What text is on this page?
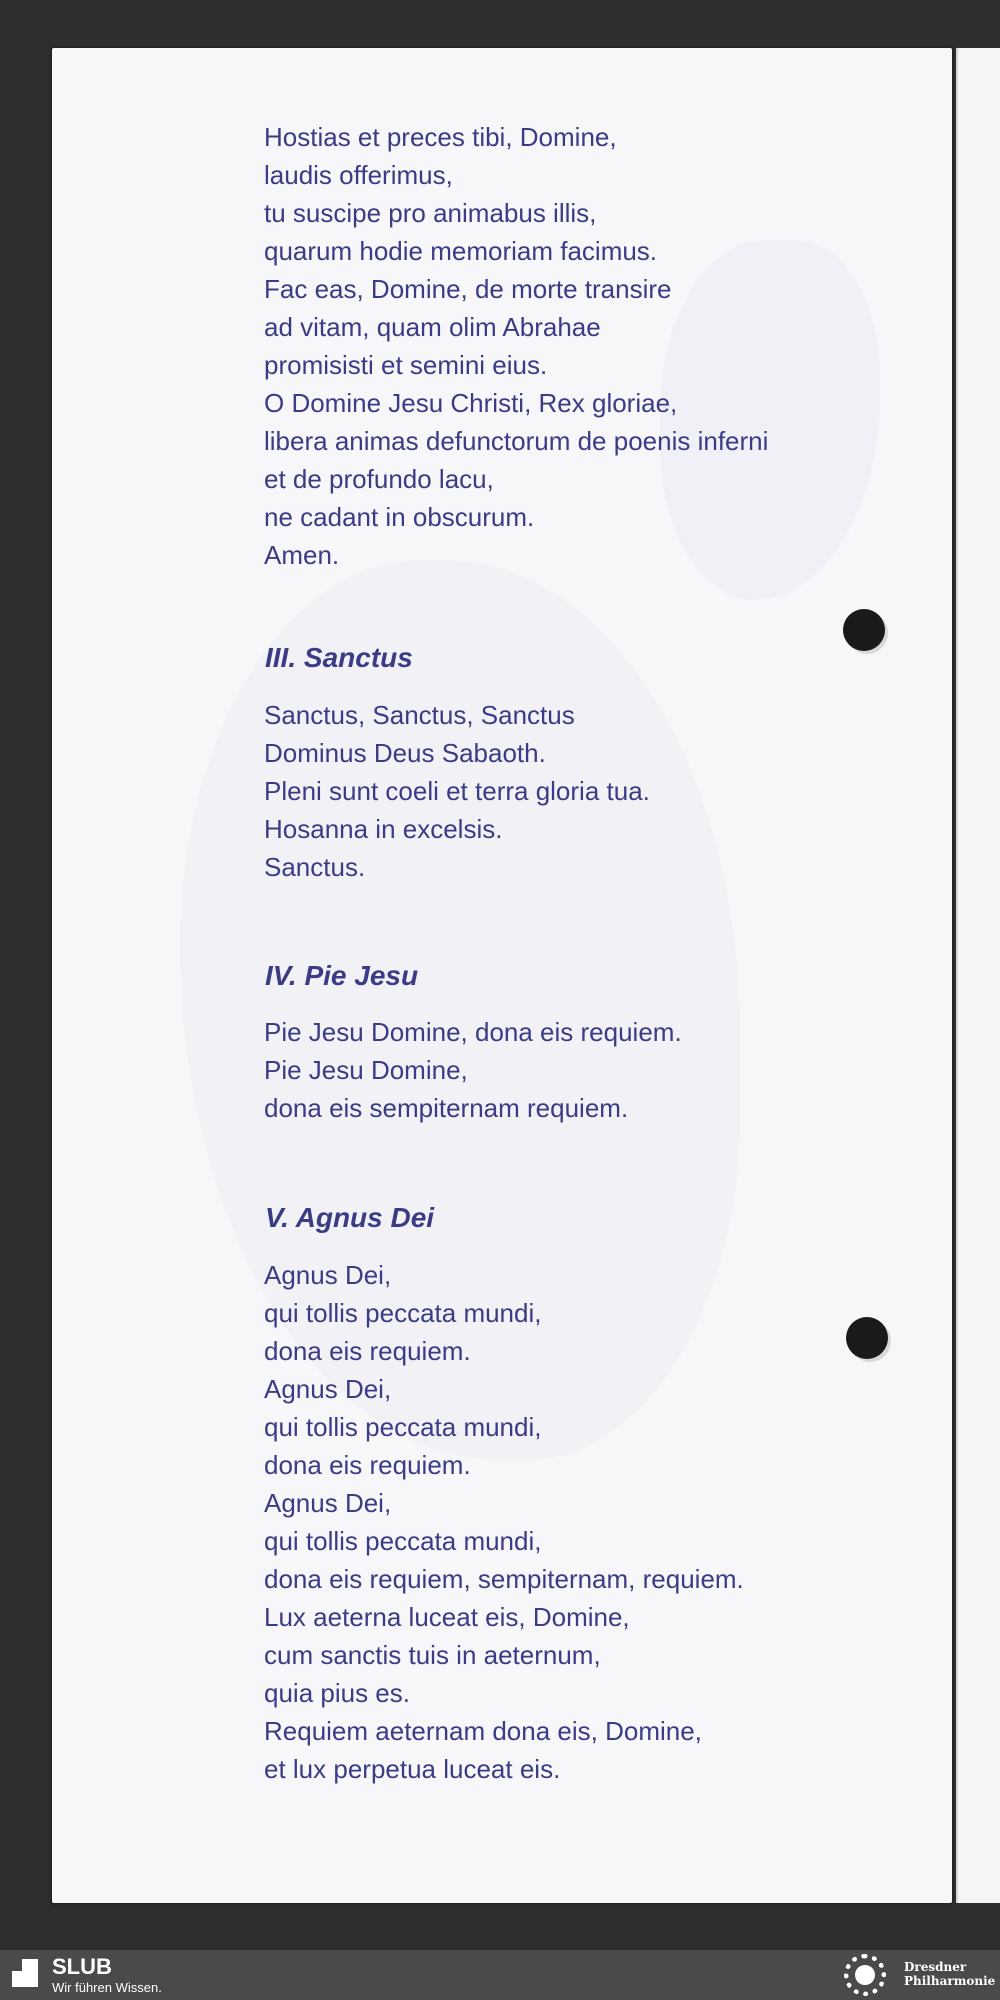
Hostias et preces tibi, Domine,
laudis offerimus,
tu suscipe pro animabus illis,
quarum hodie memoriam facimus.
Fac eas, Domine, de morte transire
ad vitam, quam olim Abrahae
promisisti et semini eius.
O Domine Jesu Christi, Rex gloriae,
libera animas defunctorum de poenis inferni
et de profundo lacu,
ne cadant in obscurum.
Amen.
III. Sanctus
Sanctus, Sanctus, Sanctus
Dominus Deus Sabaoth.
Pleni sunt coeli et terra gloria tua.
Hosanna in excelsis.
Sanctus.
IV. Pie Jesu
Pie Jesu Domine, dona eis requiem.
Pie Jesu Domine,
dona eis sempiternam requiem.
V. Agnus Dei
Agnus Dei,
qui tollis peccata mundi,
dona eis requiem.
Agnus Dei,
qui tollis peccata mundi,
dona eis requiem.
Agnus Dei,
qui tollis peccata mundi,
dona eis requiem, sempiternam, requiem.
Lux aeterna luceat eis, Domine,
cum sanctis tuis in aeternum,
quia pius es.
Requiem aeternam dona eis, Domine,
et lux perpetua luceat eis.
SLUB
Wir führen Wissen.
Dresdner
Philharmonie
